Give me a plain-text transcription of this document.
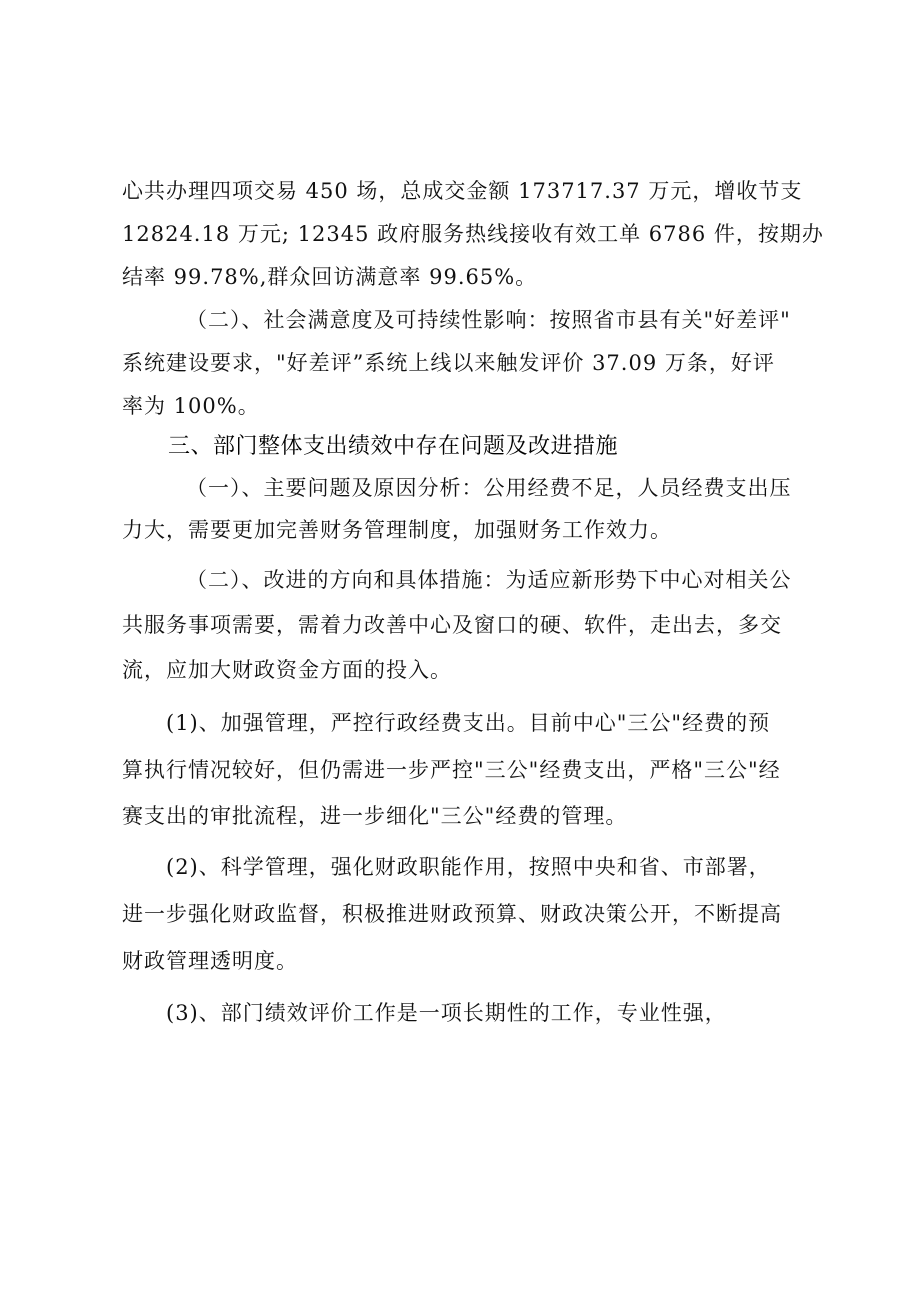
心共办理四项交易 450 场，总成交金额 173717.37 万元，增收节支
12824.18 万元; 12345 政府服务热线接收有效工单 6786 件，按期办
结率 99.78%,群众回访满意率 99.65%。
（二）、社会满意度及可持续性影响：按照省市县有关"好差评"
系统建设要求，"好差评”系统上线以来触发评价 37.09 万条，好评
率为 100%。
三、部门整体支出绩效中存在问题及改进措施
（一）、主要问题及原因分析：公用经费不足，人员经费支出压
力大，需要更加完善财务管理制度，加强财务工作效力。
（二）、改进的方向和具体措施：为适应新形势下中心对相关公
共服务事项需要，需着力改善中心及窗口的硬、软件，走出去，多交
流，应加大财政资金方面的投入。
(1)、加强管理，严控行政经费支出。目前中心"三公"经费的预
算执行情况较好，但仍需进一步严控"三公"经费支出，严格"三公"经
赛支出的审批流程，进一步细化"三公"经费的管理。
(2)、科学管理，强化财政职能作用，按照中央和省、市部署，
进一步强化财政监督，积极推进财政预算、财政决策公开，不断提高
财政管理透明度。
(3)、部门绩效评价工作是一项长期性的工作，专业性强，
